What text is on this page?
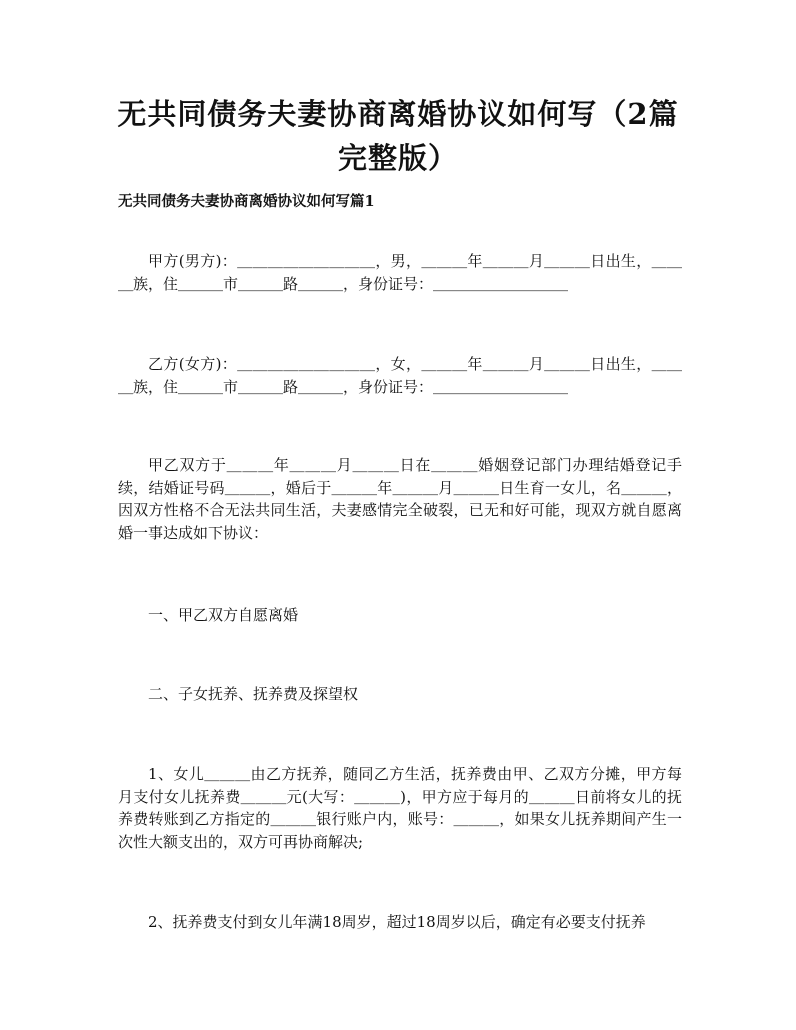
无共同债务夫妻协商离婚协议如何写（2篇
完整版）
无共同债务夫妻协商离婚协议如何写篇1

甲方(男方)：＿＿＿＿＿＿＿＿＿，男，＿＿＿年＿＿＿月＿＿＿日出生，＿＿＿族，住＿＿＿市＿＿＿路＿＿＿，身份证号：＿＿＿＿＿＿＿＿＿

乙方(女方)：＿＿＿＿＿＿＿＿＿，女，＿＿＿年＿＿＿月＿＿＿日出生，＿＿＿族，住＿＿＿市＿＿＿路＿＿＿，身份证号：＿＿＿＿＿＿＿＿＿

甲乙双方于＿＿＿年＿＿＿月＿＿＿日在＿＿＿婚姻登记部门办理结婚登记手续，结婚证号码＿＿＿，婚后于＿＿＿年＿＿＿月＿＿＿日生育一女儿，名＿＿＿，因双方性格不合无法共同生活，夫妻感情完全破裂，已无和好可能，现双方就自愿离婚一事达成如下协议：

一、甲乙双方自愿离婚

二、子女抚养、抚养费及探望权

1、女儿＿＿＿由乙方抚养，随同乙方生活，抚养费由甲、乙双方分摊，甲方每月支付女儿抚养费＿＿＿元(大写：＿＿＿)，甲方应于每月的＿＿＿日前将女儿的抚养费转账到乙方指定的＿＿＿银行账户内，账号：＿＿＿，如果女儿抚养期间产生一次性大额支出的，双方可再协商解决;

2、抚养费支付到女儿年满18周岁，超过18周岁以后，确定有必要支付抚养
